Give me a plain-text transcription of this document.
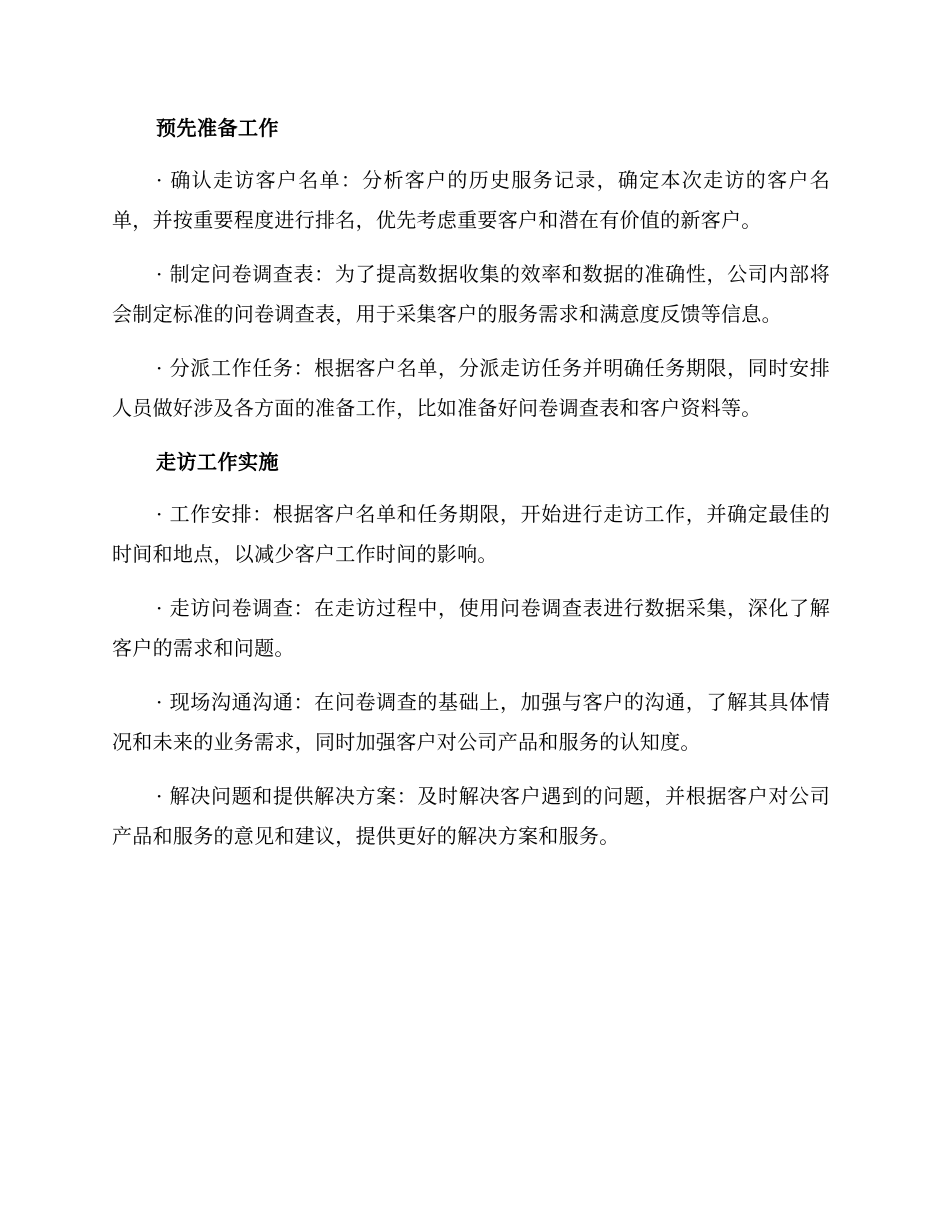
预先准备工作

· 确认走访客户名单：分析客户的历史服务记录，确定本次走访的客户名单，并按重要程度进行排名，优先考虑重要客户和潜在有价值的新客户。

· 制定问卷调查表：为了提高数据收集的效率和数据的准确性，公司内部将会制定标准的问卷调查表，用于采集客户的服务需求和满意度反馈等信息。

· 分派工作任务：根据客户名单，分派走访任务并明确任务期限，同时安排人员做好涉及各方面的准备工作，比如准备好问卷调查表和客户资料等。

走访工作实施

· 工作安排：根据客户名单和任务期限，开始进行走访工作，并确定最佳的时间和地点，以减少客户工作时间的影响。

· 走访问卷调查：在走访过程中，使用问卷调查表进行数据采集，深化了解客户的需求和问题。

· 现场沟通沟通：在问卷调查的基础上，加强与客户的沟通，了解其具体情况和未来的业务需求，同时加强客户对公司产品和服务的认知度。

· 解决问题和提供解决方案：及时解决客户遇到的问题，并根据客户对公司产品和服务的意见和建议，提供更好的解决方案和服务。
